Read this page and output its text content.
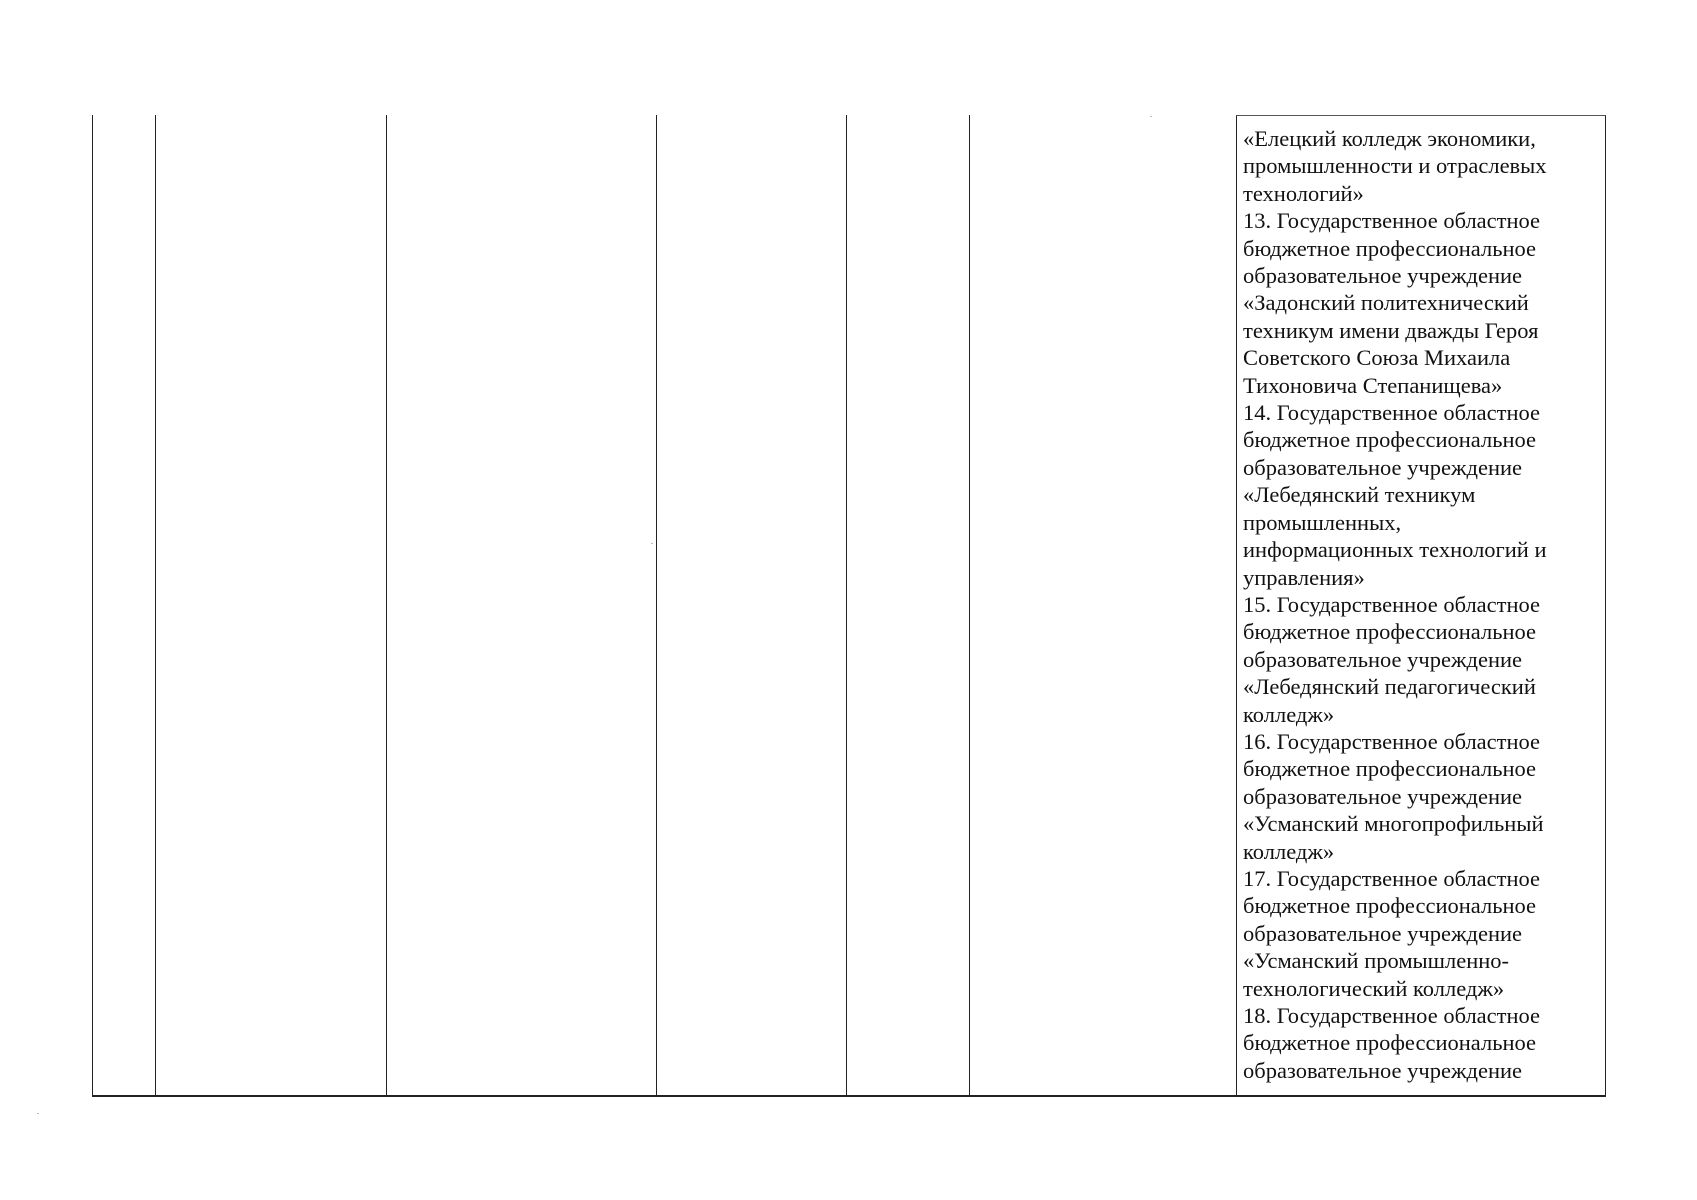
«Елецкий колледж экономики,
промышленности и отраслевых
технологий»
13. Государственное областное
бюджетное профессиональное
образовательное учреждение
«Задонский политехнический
техникум имени дважды Героя
Советского Союза Михаила
Тихоновича Степанищева»
14. Государственное областное
бюджетное профессиональное
образовательное учреждение
«Лебедянский техникум
промышленных,
информационных технологий и
управления»
15. Государственное областное
бюджетное профессиональное
образовательное учреждение
«Лебедянский педагогический
колледж»
16. Государственное областное
бюджетное профессиональное
образовательное учреждение
«Усманский многопрофильный
колледж»
17. Государственное областное
бюджетное профессиональное
образовательное учреждение
«Усманский промышленно-
технологический колледж»
18. Государственное областное
бюджетное профессиональное
образовательное учреждение
